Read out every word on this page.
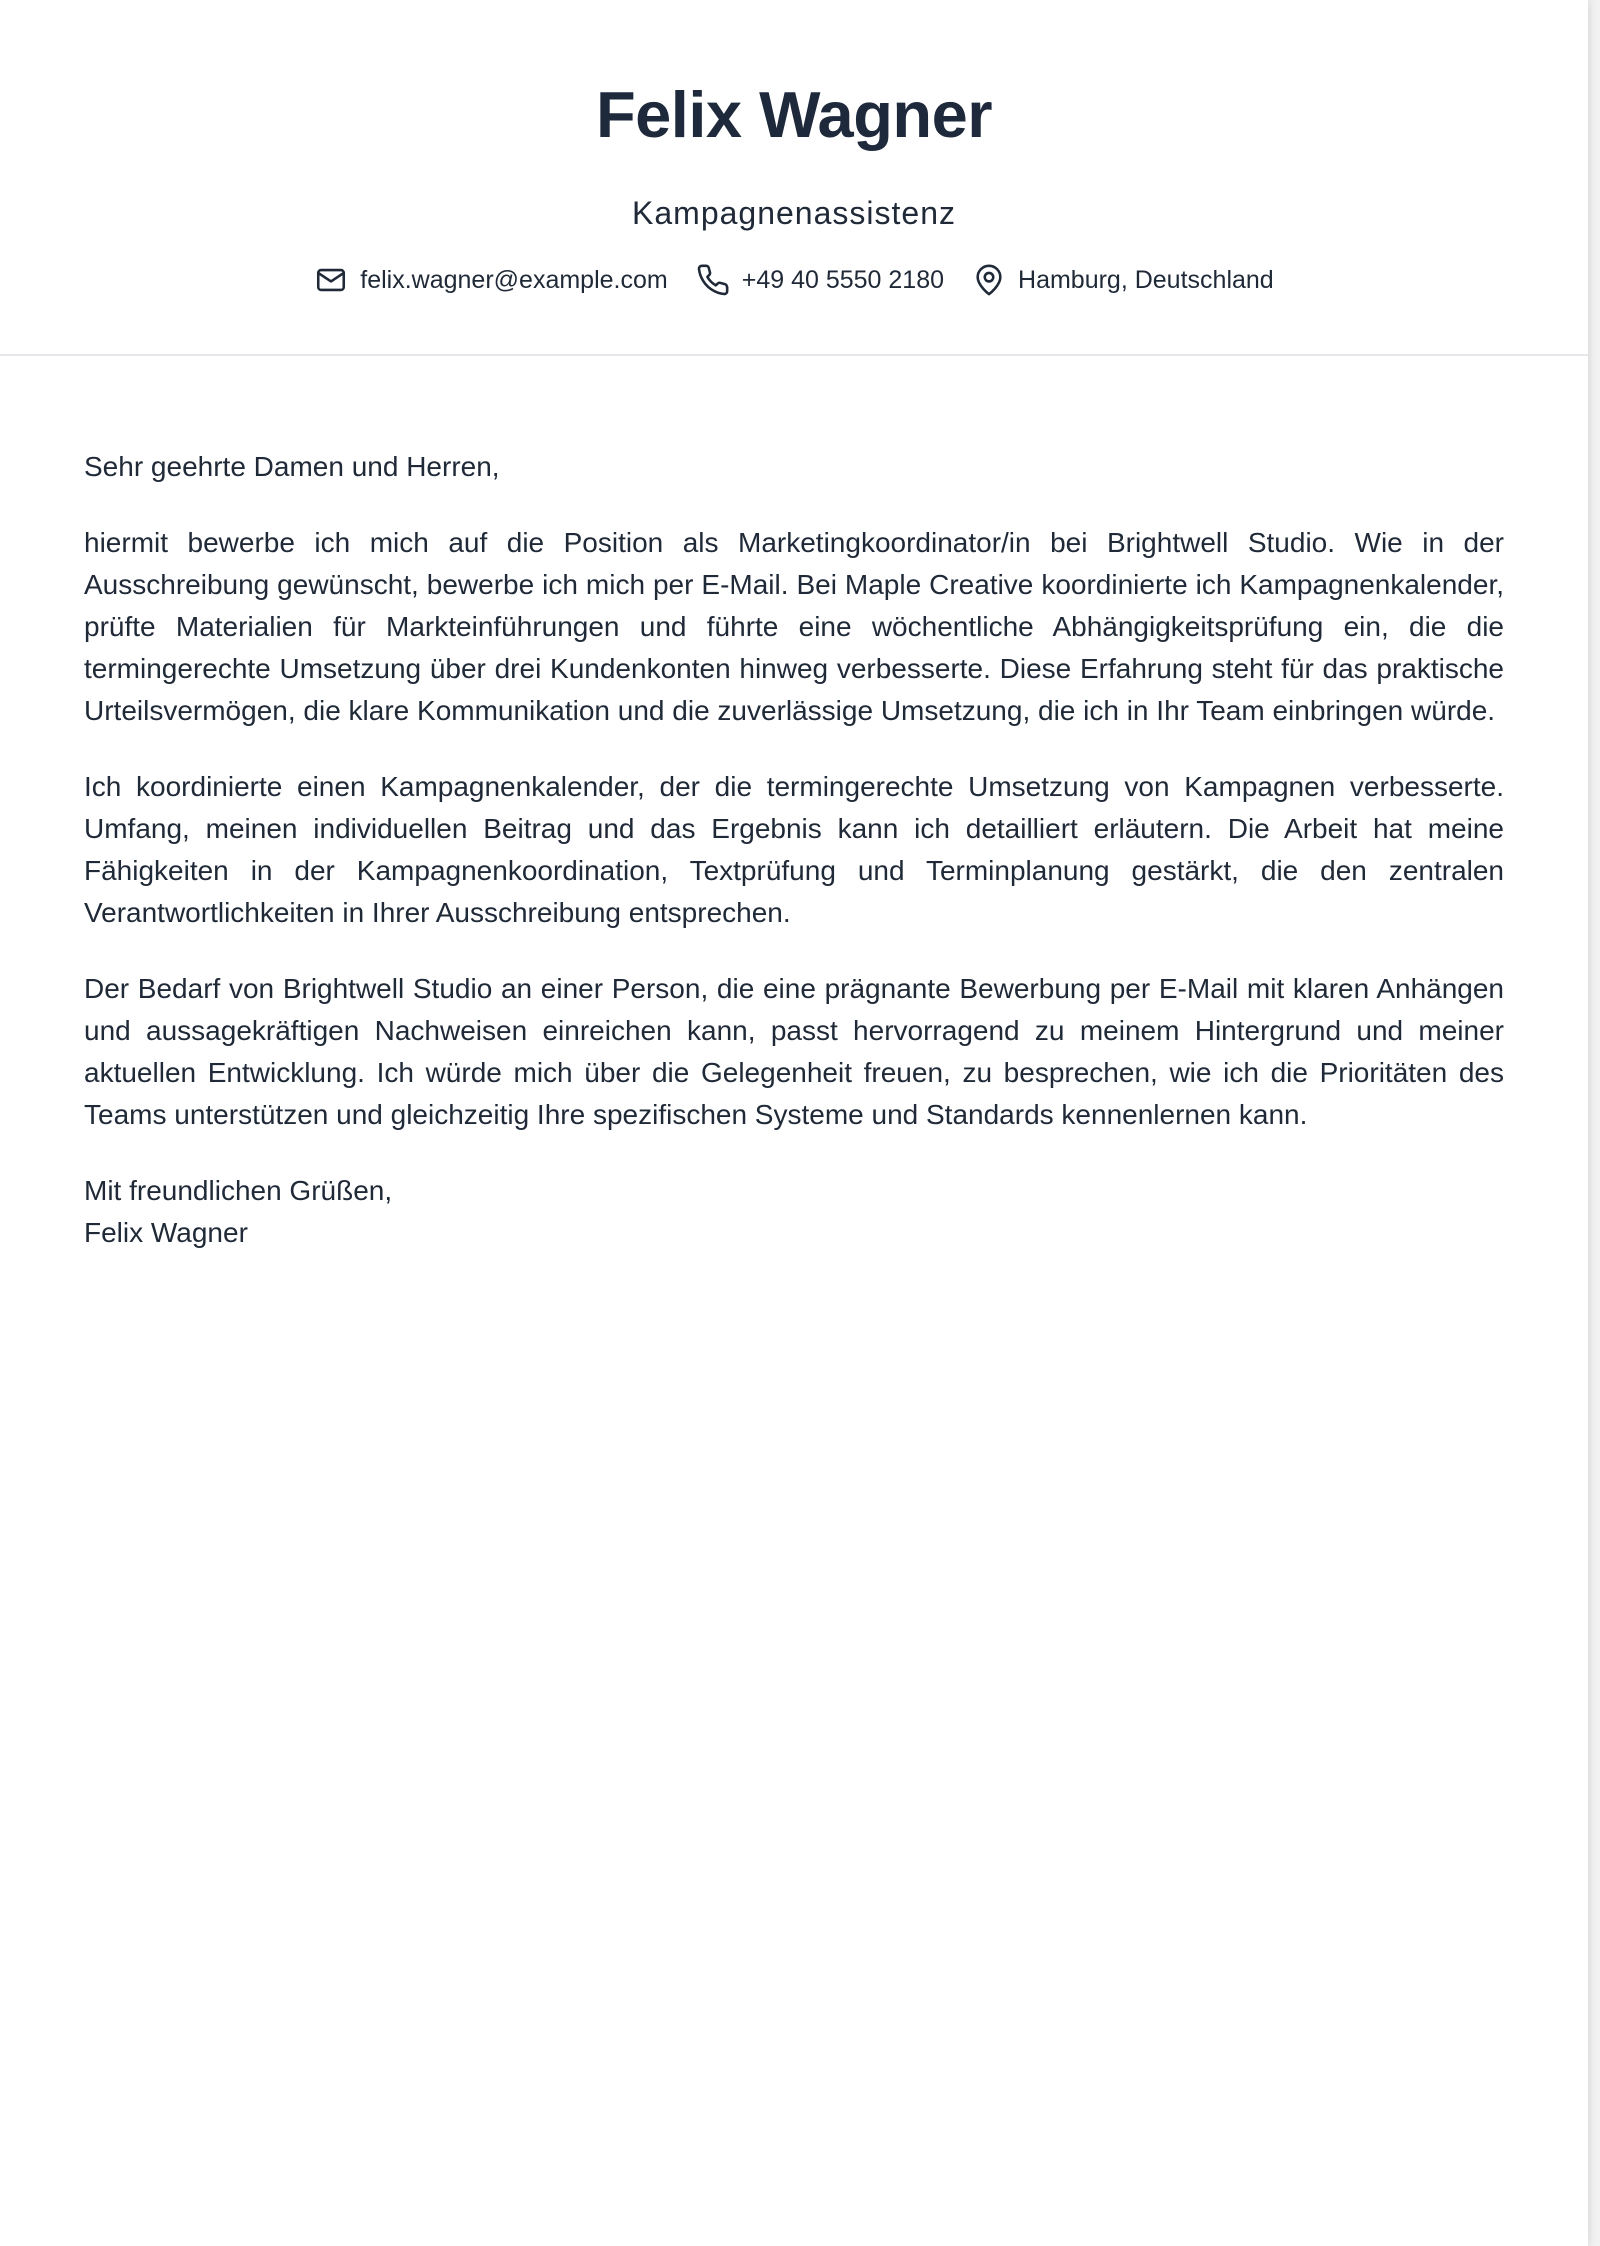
Felix Wagner
Kampagnenassistenz
felix.wagner@example.com	+49 40 5550 2180	Hamburg, Deutschland

Sehr geehrte Damen und Herren,

hiermit bewerbe ich mich auf die Position als Marketingkoordinator/in bei Brightwell Studio. Wie in der Ausschreibung gewünscht, bewerbe ich mich per E-Mail. Bei Maple Creative koordinierte ich Kampagnenkalender, prüfte Materialien für Markteinführungen und führte eine wöchentliche Abhängigkeitsprüfung ein, die die termingerechte Umsetzung über drei Kundenkonten hinweg verbesserte. Diese Erfahrung steht für das praktische Urteilsvermögen, die klare Kommunikation und die zuverlässige Umsetzung, die ich in Ihr Team einbringen würde.

Ich koordinierte einen Kampagnenkalender, der die termingerechte Umsetzung von Kampagnen verbesserte. Umfang, meinen individuellen Beitrag und das Ergebnis kann ich detailliert erläutern. Die Arbeit hat meine Fähigkeiten in der Kampagnenkoordination, Textprüfung und Terminplanung gestärkt, die den zentralen Verantwortlichkeiten in Ihrer Ausschreibung entsprechen.

Der Bedarf von Brightwell Studio an einer Person, die eine prägnante Bewerbung per E-Mail mit klaren Anhängen und aussagekräftigen Nachweisen einreichen kann, passt hervorragend zu meinem Hintergrund und meiner aktuellen Entwicklung. Ich würde mich über die Gelegenheit freuen, zu besprechen, wie ich die Prioritäten des Teams unterstützen und gleichzeitig Ihre spezifischen Systeme und Standards kennenlernen kann.

Mit freundlichen Grüßen,
Felix Wagner
